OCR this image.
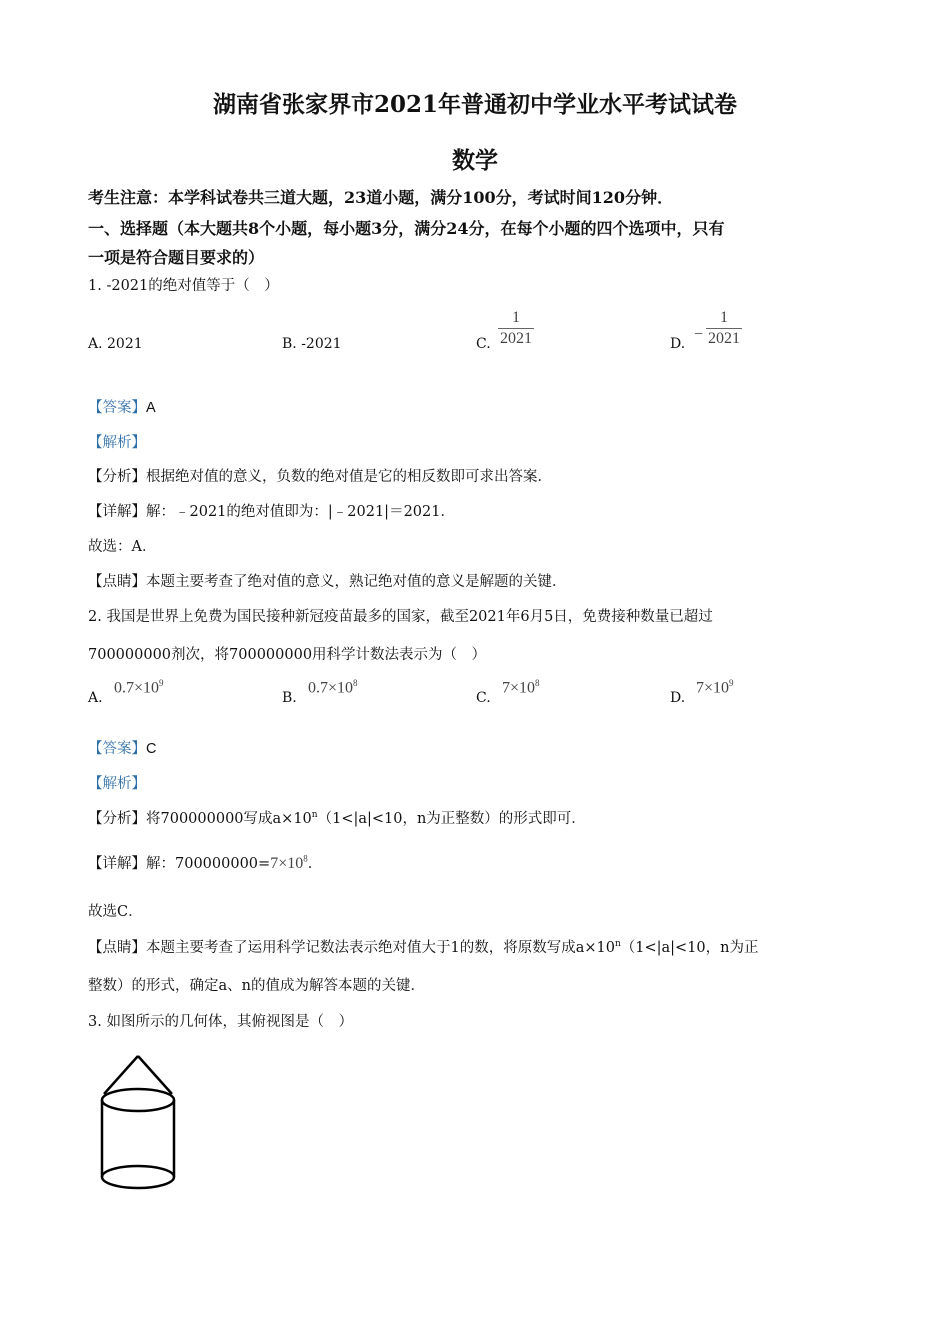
湖南省张家界市2021年普通初中学业水平考试试卷
数学
考生注意：本学科试卷共三道大题，23道小题，满分100分，考试时间120分钟．
一、选择题（本大题共8个小题，每小题3分，满分24分，在每个小题的四个选项中，只有
一项是符合题目要求的）
1. -2021的绝对值等于（　）
A. 2021	B. -2021	C. $\frac{1}{2021}$	D.
− $\frac{1}{2021}$
【答案】A
【解析】
【分析】根据绝对值的意义，负数的绝对值是它的相反数即可求出答案．
【详解】解：﹣2021的绝对值即为：|﹣2021|＝2021．
故选：A．
【点睛】本题主要考查了绝对值的意义，熟记绝对值的意义是解题的关键．
2. 我国是世界上免费为国民接种新冠疫苗最多的国家，截至2021年6月5日，免费接种数量已超过
700000000剂次，将700000000用科学计数法表示为（　）
A.
$0.7\times 10^9$
B.
$0.7\times 10^8$
C.
$7\times 10^8$
D.
$7\times 10^9$
【答案】C
【解析】
【分析】将700000000写成$a\times 10^n(1<|a|<10$，n为正整数）的形式即可．
【详解】解：$700000000=7\times 10^8$．
故选C．
【点睛】本题主要考查了运用科学记数法表示绝对值大于1的数，将原数写成$a\times 10^n(1<|a|<10$，n为正
整数）的形式，确定a、n的值成为解答本题的关键．
3. 如图所示的几何体，其俯视图是（　）
